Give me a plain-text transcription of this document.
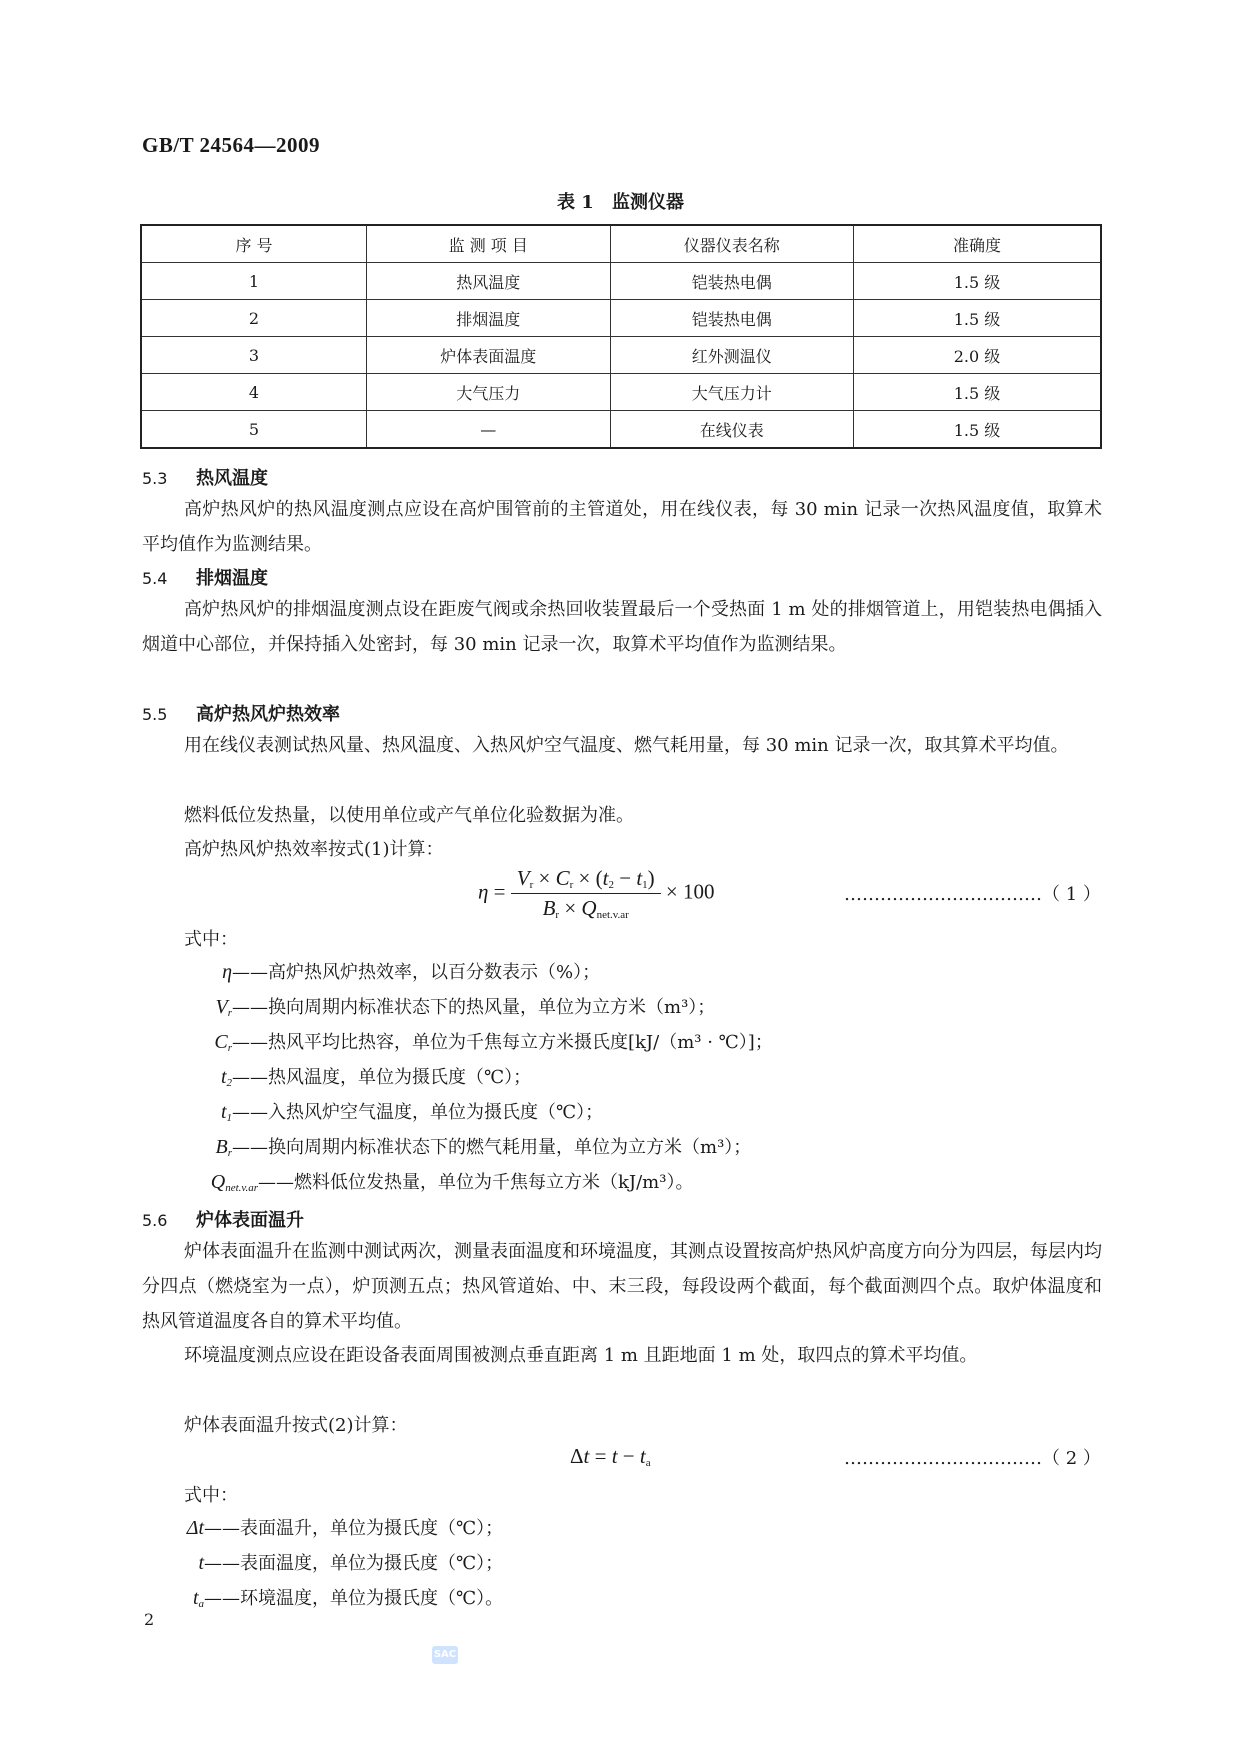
GB/T 24564—2009
表 1 监测仪器
序 号	监 测 项 目	仪器仪表名称	准确度
1	热风温度	铠装热电偶	1.5 级
2	排烟温度	铠装热电偶	1.5 级
3	炉体表面温度	红外测温仪	2.0 级
4	大气压力	大气压力计	1.5 级
5	—	在线仪表	1.5 级
5.3 热风温度
高炉热风炉的热风温度测点应设在高炉围管前的主管道处，用在线仪表，每 30 min 记录一次热风温度值，取算术平均值作为监测结果。
5.4 排烟温度
高炉热风炉的排烟温度测点设在距废气阀或余热回收装置最后一个受热面 1 m 处的排烟管道上，用铠装热电偶插入烟道中心部位，并保持插入处密封，每 30 min 记录一次，取算术平均值作为监测结果。
5.5 高炉热风炉热效率
用在线仪表测试热风量、热风温度、入热风炉空气温度、燃气耗用量，每 30 min 记录一次，取其算术平均值。
燃料低位发热量，以使用单位或产气单位化验数据为准。
高炉热风炉热效率按式(1)计算：
$\eta = \frac{V_r \times C_r \times (t_2 - t_1)}{B_r \times Q_{net.v.ar}} \times 100$	……………………………（ 1 ）
式中：
η——高炉热风炉热效率，以百分数表示（%）；
$V_r——$换向周期内标准状态下的热风量，单位为立方米（m³）；
$C_r——$热风平均比热容，单位为千焦每立方米摄氏度[kJ/（m³ · ℃）]；
$t_2——$热风温度，单位为摄氏度（℃）；
$t_1——$入热风炉空气温度，单位为摄氏度（℃）；
$B_r——$换向周期内标准状态下的燃气耗用量，单位为立方米（m³）；
$Q_{net.v.ar}——$燃料低位发热量，单位为千焦每立方米（kJ/m³）。
5.6 炉体表面温升
炉体表面温升在监测中测试两次，测量表面温度和环境温度，其测点设置按高炉热风炉高度方向分为四层，每层内均分四点（燃烧室为一点），炉顶测五点；热风管道始、中、末三段，每段设两个截面，每个截面测四个点。取炉体温度和热风管道温度各自的算术平均值。
环境温度测点应设在距设备表面周围被测点垂直距离 1 m 且距地面 1 m 处，取四点的算术平均值。
炉体表面温升按式(2)计算：
$\Delta t = t - t_a$	……………………………（ 2 ）
式中：
Δt——表面温升，单位为摄氏度（℃）；
t——表面温度，单位为摄氏度（℃）；
$t_a——$环境温度，单位为摄氏度（℃）。
2
SAC
